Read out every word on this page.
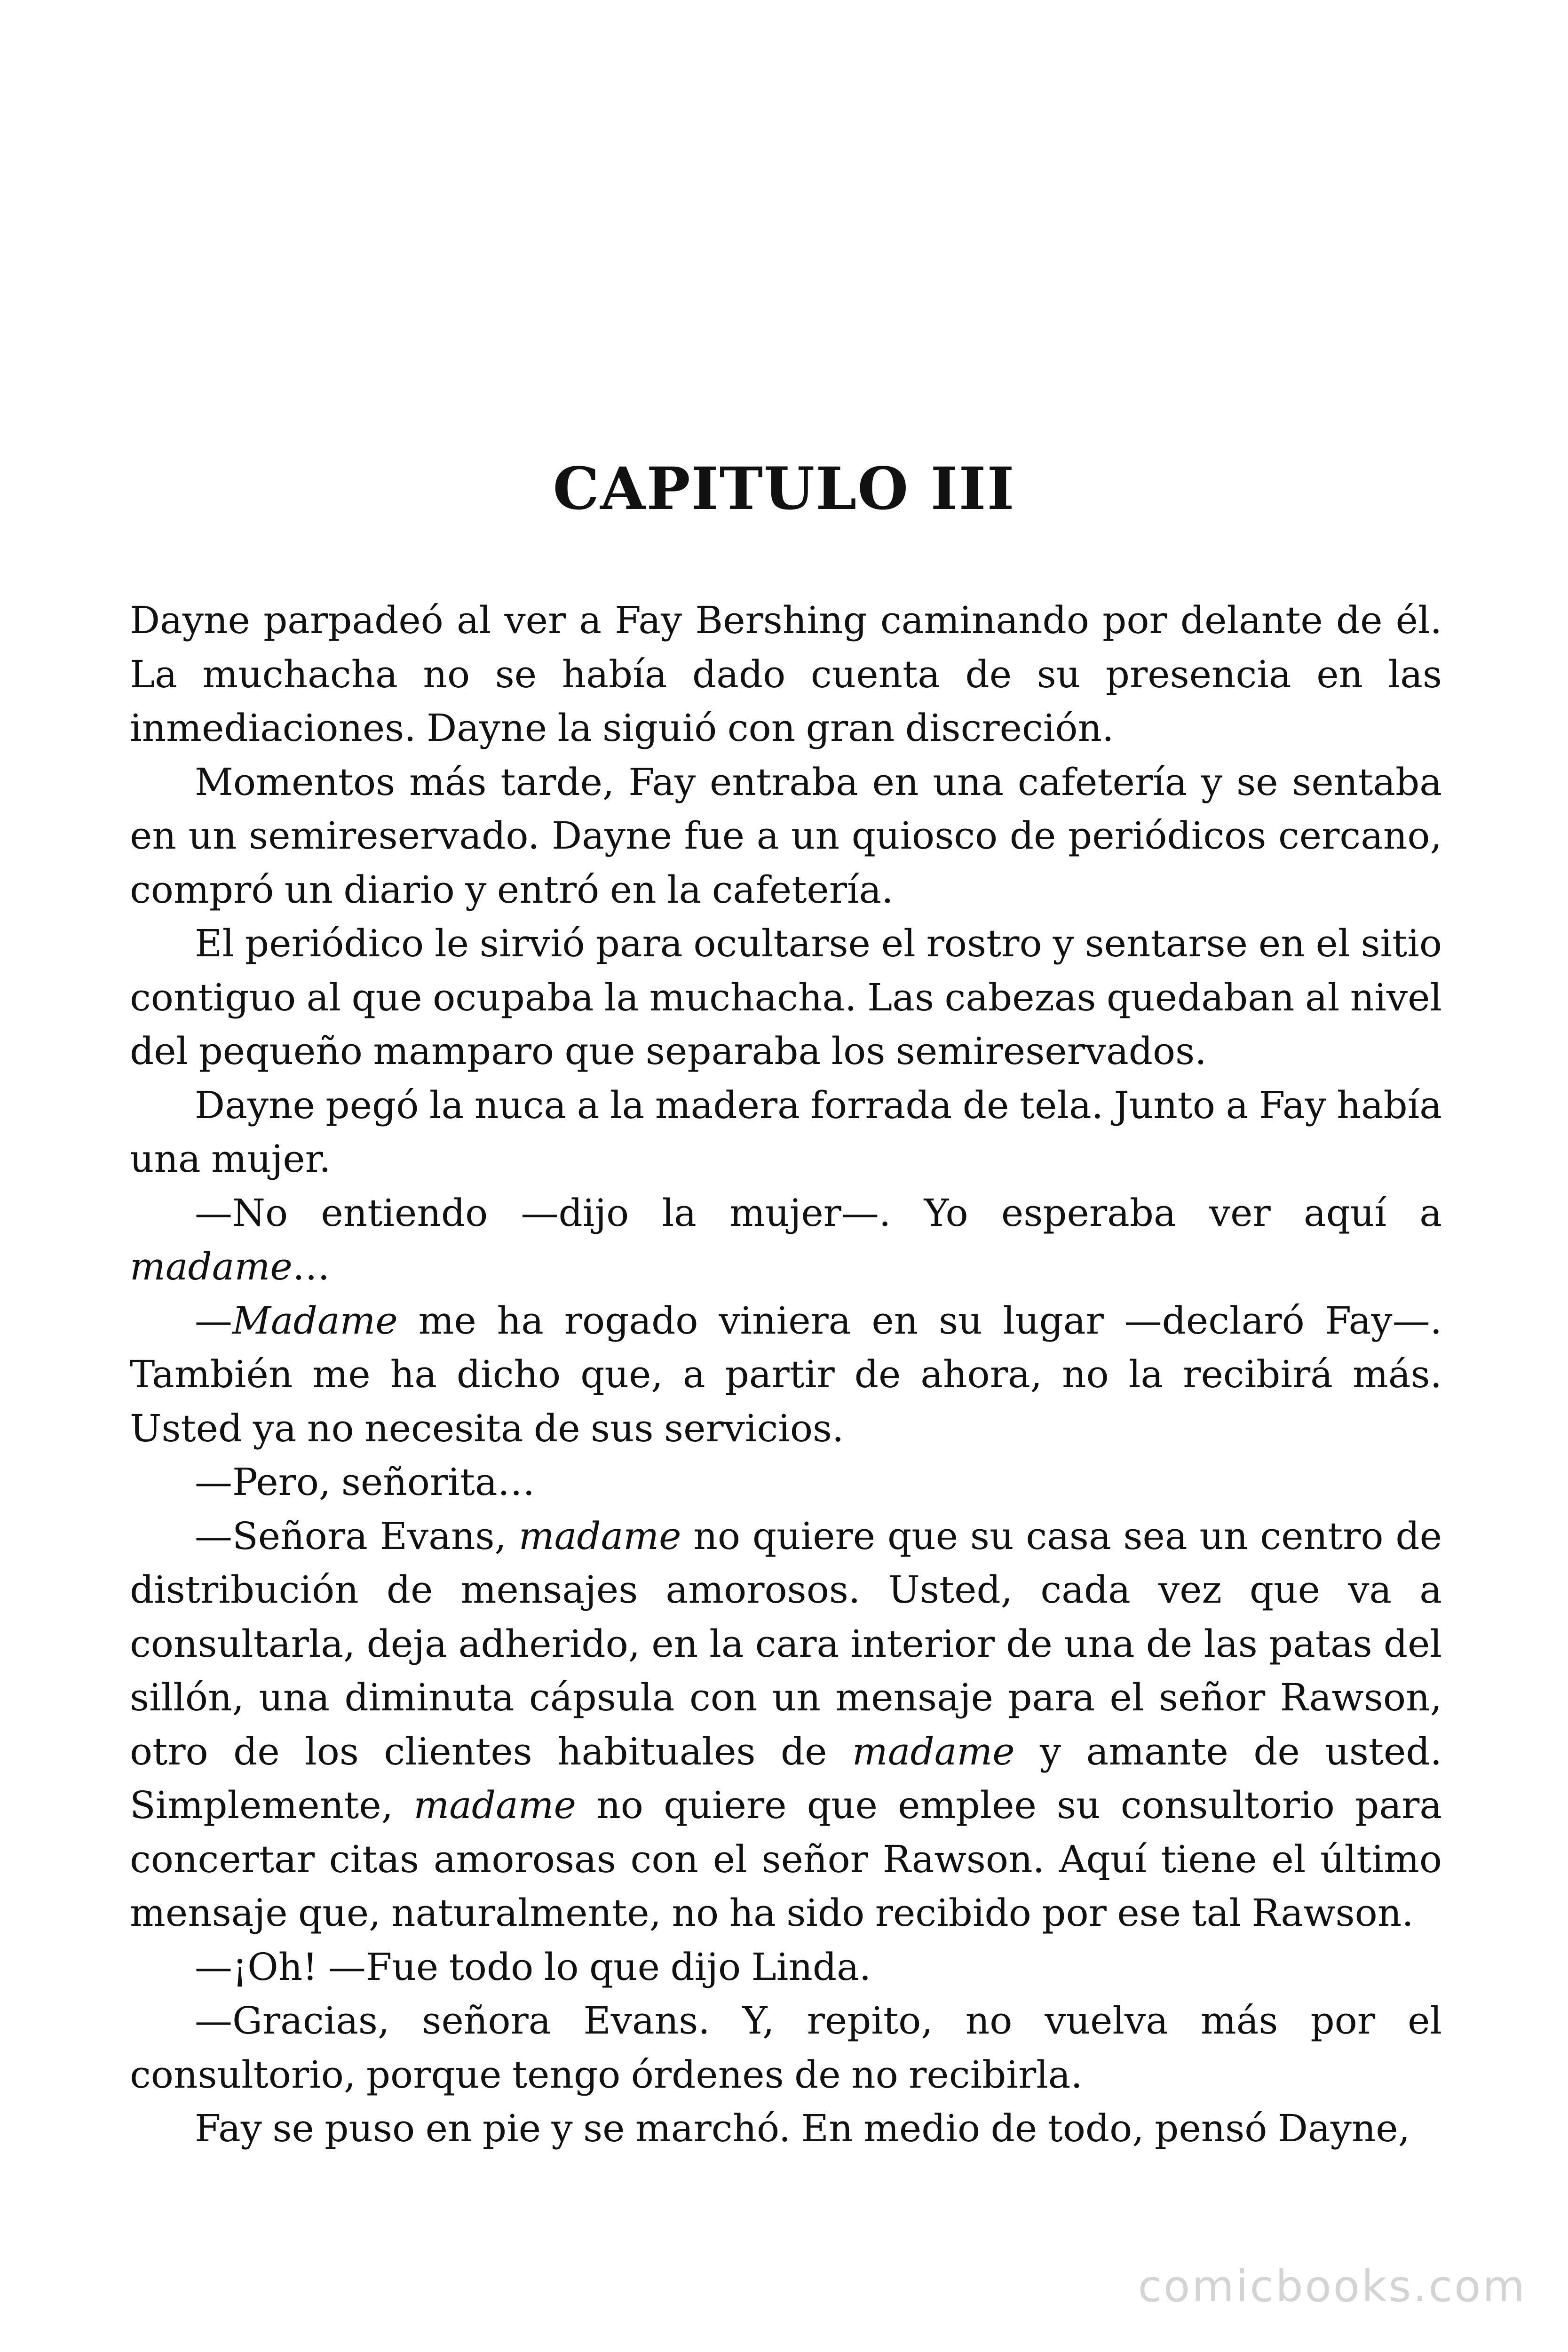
CAPITULO III

Dayne parpadeó al ver a Fay Bershing caminando por delante de él. La muchacha no se había dado cuenta de su presencia en las inmediaciones. Dayne la siguió con gran discreción.

Momentos más tarde, Fay entraba en una cafetería y se sentaba en un semireservado. Dayne fue a un quiosco de periódicos cercano, compró un diario y entró en la cafetería.

El periódico le sirvió para ocultarse el rostro y sentarse en el sitio contiguo al que ocupaba la muchacha. Las cabezas quedaban al nivel del pequeño mamparo que separaba los semireservados.

Dayne pegó la nuca a la madera forrada de tela. Junto a Fay había una mujer.

—No entiendo —dijo la mujer—. Yo esperaba ver aquí a madame…

—Madame me ha rogado viniera en su lugar —declaró Fay—. También me ha dicho que, a partir de ahora, no la recibirá más. Usted ya no necesita de sus servicios.

—Pero, señorita…

—Señora Evans, madame no quiere que su casa sea un centro de distribución de mensajes amorosos. Usted, cada vez que va a consultarla, deja adherido, en la cara interior de una de las patas del sillón, una diminuta cápsula con un mensaje para el señor Rawson, otro de los clientes habituales de madame y amante de usted. Simplemente, madame no quiere que emplee su consultorio para concertar citas amorosas con el señor Rawson. Aquí tiene el último mensaje que, naturalmente, no ha sido recibido por ese tal Rawson.

—¡Oh! —Fue todo lo que dijo Linda.

—Gracias, señora Evans. Y, repito, no vuelva más por el consultorio, porque tengo órdenes de no recibirla.

Fay se puso en pie y se marchó. En medio de todo, pensó Dayne,

comicbooks.com
